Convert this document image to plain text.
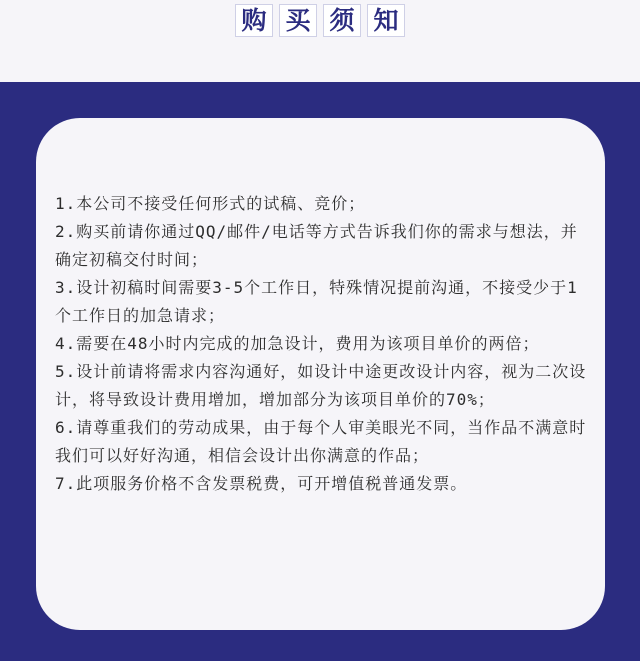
购 买 须 知
1.本公司不接受任何形式的试稿、竞价；
2.购买前请你通过QQ/邮件/电话等方式告诉我们你的需求与想法，并确定初稿交付时间；
3.设计初稿时间需要3-5个工作日，特殊情况提前沟通，不接受少于1个工作日的加急请求；
4.需要在48小时内完成的加急设计，费用为该项目单价的两倍；
5.设计前请将需求内容沟通好，如设计中途更改设计内容，视为二次设计，将导致设计费用增加，增加部分为该项目单价的70%；
6.请尊重我们的劳动成果，由于每个人审美眼光不同，当作品不满意时我们可以好好沟通，相信会设计出你满意的作品；
7.此项服务价格不含发票税费，可开增值税普通发票。
